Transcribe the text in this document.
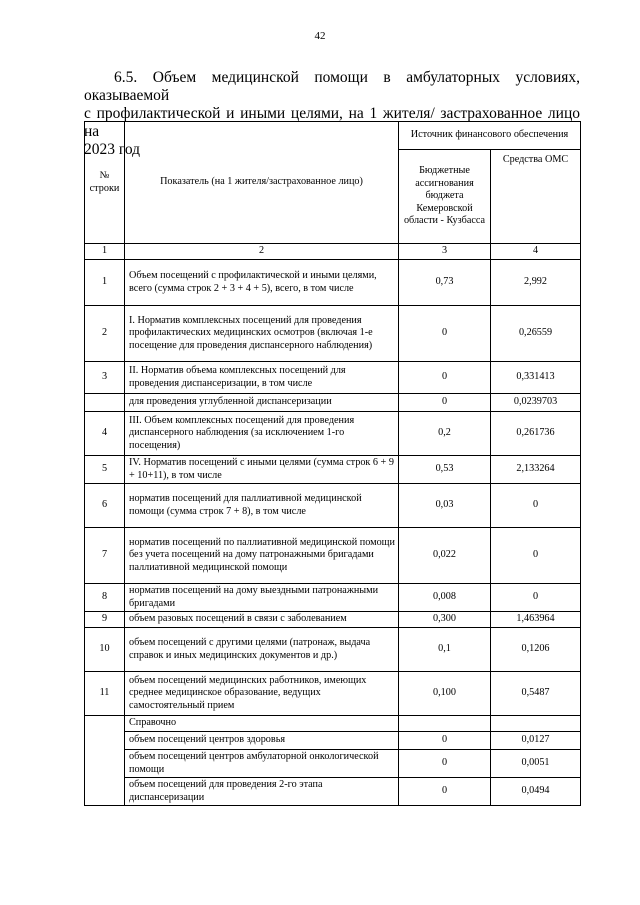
42

6.5. Объем медицинской помощи в амбулаторных условиях, оказываемой

с профилактической и иными целями, на 1 жителя/ застрахованное лицо на

2023 год

№ строки	Показатель (на 1 жителя/застрахованное лицо)	Источник финансового обеспечения	
		Бюджетные ассигнования бюджета Кемеровской области - Кузбасса	Средства ОМС
1	2	3	4
1	Объем посещений с профилактической и иными целями, всего (сумма строк 2 + 3 + 4 + 5), всего, в том числе	0,73	2,992
2	I. Норматив комплексных посещений для проведения профилактических медицинских осмотров (включая 1-е посещение для проведения диспансерного наблюдения)	0	0,26559
3	II. Норматив объема комплексных посещений для проведения диспансеризации, в том числе	0	0,331413
	для проведения углубленной диспансеризации	0	0,0239703
4	III. Объем комплексных посещений для проведения диспансерного наблюдения (за исключением 1-го посещения)	0,2	0,261736
5	IV. Норматив посещений с иными целями (сумма строк 6 + 9 + 10+11), в том числе	0,53	2,133264
6	норматив посещений для паллиативной медицинской помощи (сумма строк 7 + 8), в том числе	0,03	0
7	норматив посещений по паллиативной медицинской помощи без учета посещений на дому патронажными бригадами паллиативной медицинской помощи	0,022	0
8	норматив посещений на дому выездными патронажными бригадами	0,008	0
9	объем разовых посещений в связи с заболеванием	0,300	1,463964
10	объем посещений с другими целями (патронаж, выдача справок и иных медицинских документов и др.)	0,1	0,1206
11	объем посещений медицинских работников, имеющих среднее медицинское образование, ведущих самостоятельный прием	0,100	0,5487
	Справочно		
	объем посещений центров здоровья	0	0,0127
	объем посещений центров амбулаторной онкологической помощи	0	0,0051
	объем посещений для проведения 2-го этапа диспансеризации	0	0,0494
